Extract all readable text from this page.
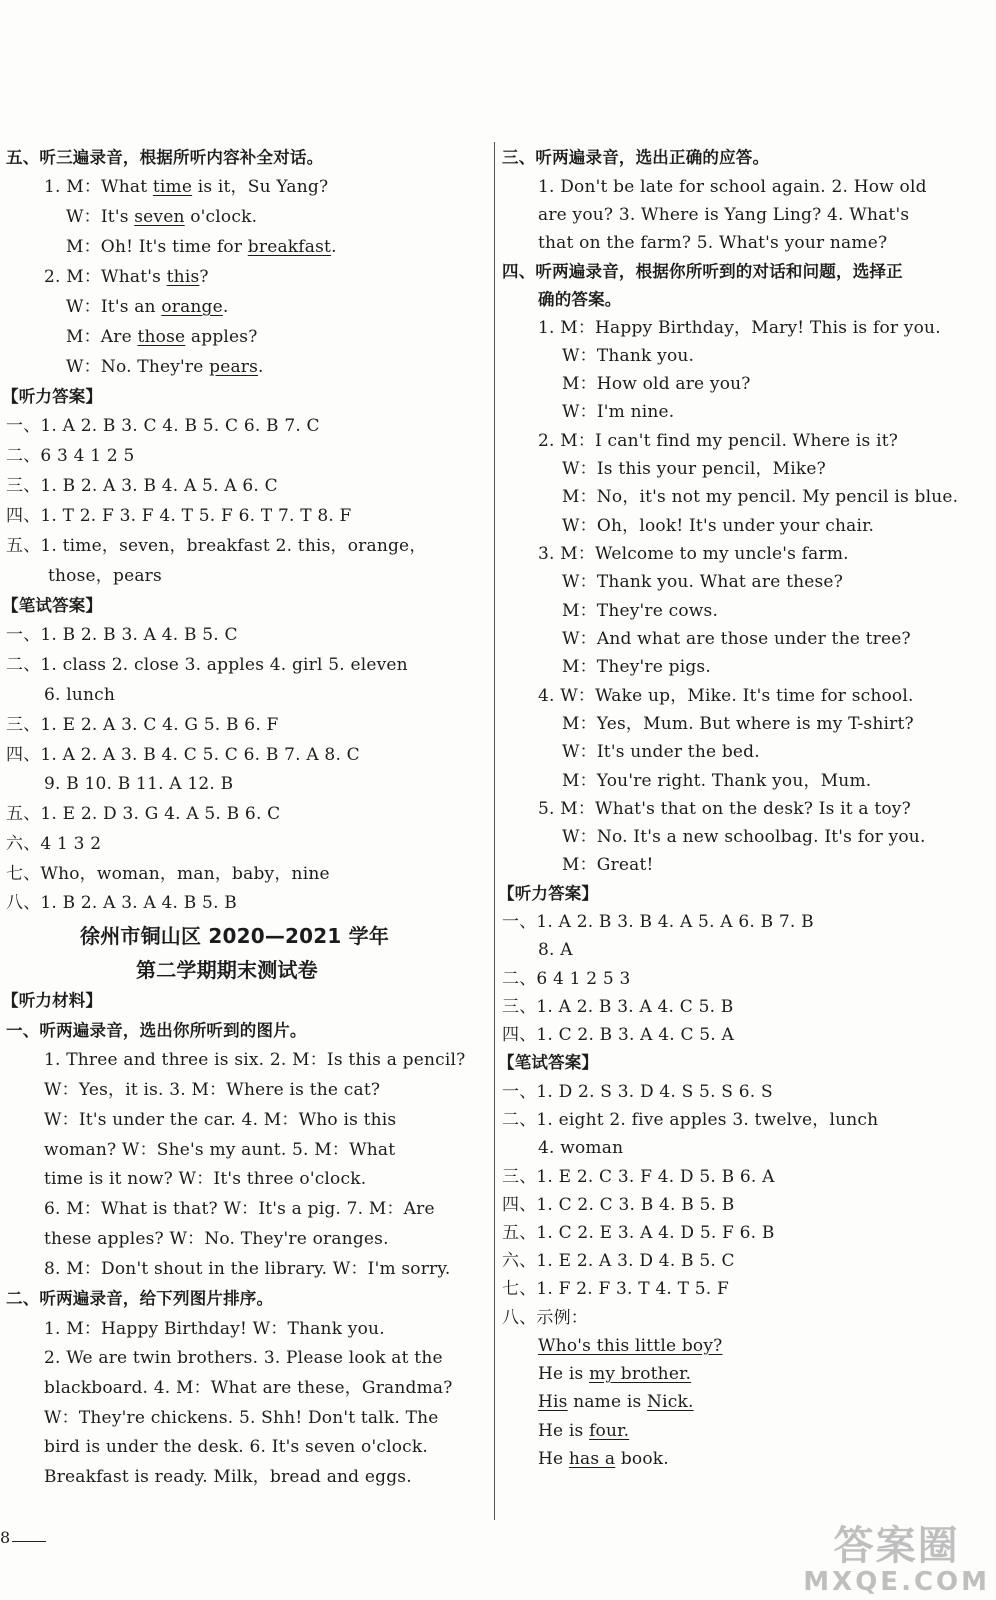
五、听三遍录音，根据所听内容补全对话。
1. M：What time is it，Su Yang?
W：It's seven o'clock.
M：Oh! It's time for breakfast.
2. M：What's this?
W：It's an orange.
M：Are those apples?
W：No. They're pears.
【听力答案】
一、1. A 2. B 3. C 4. B 5. C 6. B 7. C
二、6 3 4 1 2 5
三、1. B 2. A 3. B 4. A 5. A 6. C
四、1. T 2. F 3. F 4. T 5. F 6. T 7. T 8. F
五、1. time，seven，breakfast 2. this，orange，
those，pears
【笔试答案】
一、1. B 2. B 3. A 4. B 5. C
二、1. class 2. close 3. apples 4. girl 5. eleven
6. lunch
三、1. E 2. A 3. C 4. G 5. B 6. F
四、1. A 2. A 3. B 4. C 5. C 6. B 7. A 8. C
9. B 10. B 11. A 12. B
五、1. E 2. D 3. G 4. A 5. B 6. C
六、4 1 3 2
七、Who，woman，man，baby，nine
八、1. B 2. A 3. A 4. B 5. B
徐州市铜山区 2020—2021 学年
第二学期期末测试卷
【听力材料】
一、听两遍录音，选出你所听到的图片。
1. Three and three is six. 2. M：Is this a pencil?
W：Yes，it is. 3. M：Where is the cat?
W：It's under the car. 4. M：Who is this
woman? W：She's my aunt. 5. M：What
time is it now? W：It's three o'clock.
6. M：What is that? W：It's a pig. 7. M：Are
these apples? W：No. They're oranges.
8. M：Don't shout in the library. W：I'm sorry.
二、听两遍录音，给下列图片排序。
1. M：Happy Birthday! W：Thank you.
2. We are twin brothers. 3. Please look at the
blackboard. 4. M：What are these，Grandma?
W：They're chickens. 5. Shh! Don't talk. The
bird is under the desk. 6. It's seven o'clock.
Breakfast is ready. Milk，bread and eggs.
三、听两遍录音，选出正确的应答。
1. Don't be late for school again. 2. How old
are you? 3. Where is Yang Ling? 4. What's
that on the farm? 5. What's your name?
四、听两遍录音，根据你所听到的对话和问题，选择正
确的答案。
1. M：Happy Birthday，Mary! This is for you.
W：Thank you.
M：How old are you?
W：I'm nine.
2. M：I can't find my pencil. Where is it?
W：Is this your pencil，Mike?
M：No，it's not my pencil. My pencil is blue.
W：Oh，look! It's under your chair.
3. M：Welcome to my uncle's farm.
W：Thank you. What are these?
M：They're cows.
W：And what are those under the tree?
M：They're pigs.
4. W：Wake up，Mike. It's time for school.
M：Yes，Mum. But where is my T-shirt?
W：It's under the bed.
M：You're right. Thank you，Mum.
5. M：What's that on the desk? Is it a toy?
W：No. It's a new schoolbag. It's for you.
M：Great!
【听力答案】
一、1. A 2. B 3. B 4. A 5. A 6. B 7. B
8. A
二、6 4 1 2 5 3
三、1. A 2. B 3. A 4. C 5. B
四、1. C 2. B 3. A 4. C 5. A
【笔试答案】
一、1. D 2. S 3. D 4. S 5. S 6. S
二、1. eight 2. five apples 3. twelve，lunch
4. woman
三、1. E 2. C 3. F 4. D 5. B 6. A
四、1. C 2. C 3. B 4. B 5. B
五、1. C 2. E 3. A 4. D 5. F 6. B
六、1. E 2. A 3. D 4. B 5. C
七、1. F 2. F 3. T 4. T 5. F
八、示例：
Who's this little boy?
He is my brother.
His name is Nick.
He is four.
He has a book.
8	答案圈
MXQE.COM
